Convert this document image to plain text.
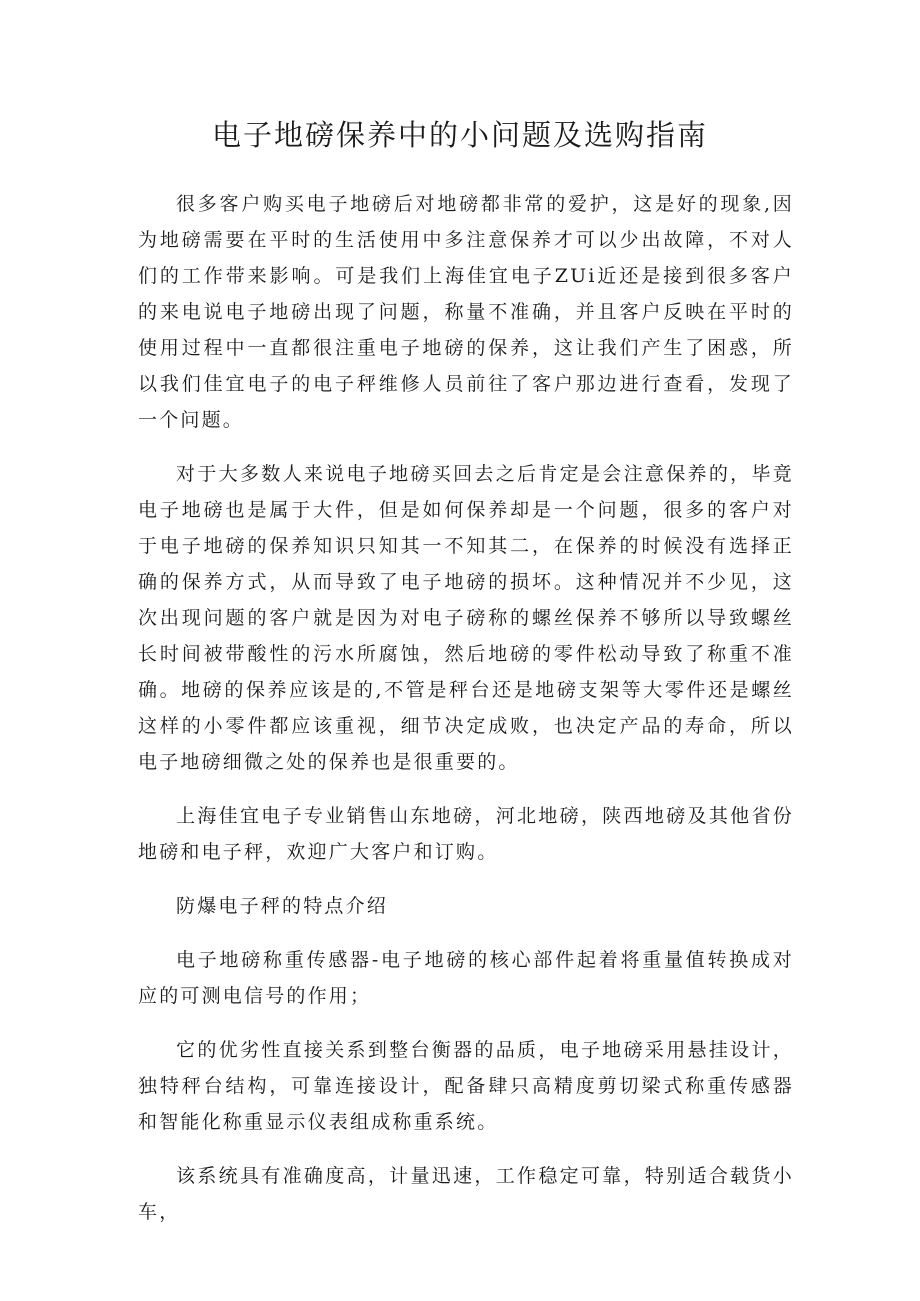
电子地磅保养中的小问题及选购指南

很多客户购买电子地磅后对地磅都非常的爱护，这是好的现象,因为地磅需要在平时的生活使用中多注意保养才可以少出故障，不对人们的工作带来影响。可是我们上海佳宜电子ZUi近还是接到很多客户的来电说电子地磅出现了问题，称量不准确，并且客户反映在平时的使用过程中一直都很注重电子地磅的保养，这让我们产生了困惑，所以我们佳宜电子的电子秤维修人员前往了客户那边进行查看，发现了一个问题。

对于大多数人来说电子地磅买回去之后肯定是会注意保养的，毕竟电子地磅也是属于大件，但是如何保养却是一个问题，很多的客户对于电子地磅的保养知识只知其一不知其二，在保养的时候没有选择正确的保养方式，从而导致了电子地磅的损坏。这种情况并不少见，这次出现问题的客户就是因为对电子磅称的螺丝保养不够所以导致螺丝长时间被带酸性的污水所腐蚀，然后地磅的零件松动导致了称重不准确。地磅的保养应该是的,不管是秤台还是地磅支架等大零件还是螺丝这样的小零件都应该重视，细节决定成败，也决定产品的寿命，所以电子地磅细微之处的保养也是很重要的。

上海佳宜电子专业销售山东地磅，河北地磅，陕西地磅及其他省份地磅和电子秤，欢迎广大客户和订购。

防爆电子秤的特点介绍

电子地磅称重传感器-电子地磅的核心部件起着将重量值转换成对应的可测电信号的作用；

它的优劣性直接关系到整台衡器的品质，电子地磅采用悬挂设计，独特秤台结构，可靠连接设计，配备肆只高精度剪切梁式称重传感器和智能化称重显示仪表组成称重系统。

该系统具有准确度高，计量迅速，工作稳定可靠，特别适合载货小车，
